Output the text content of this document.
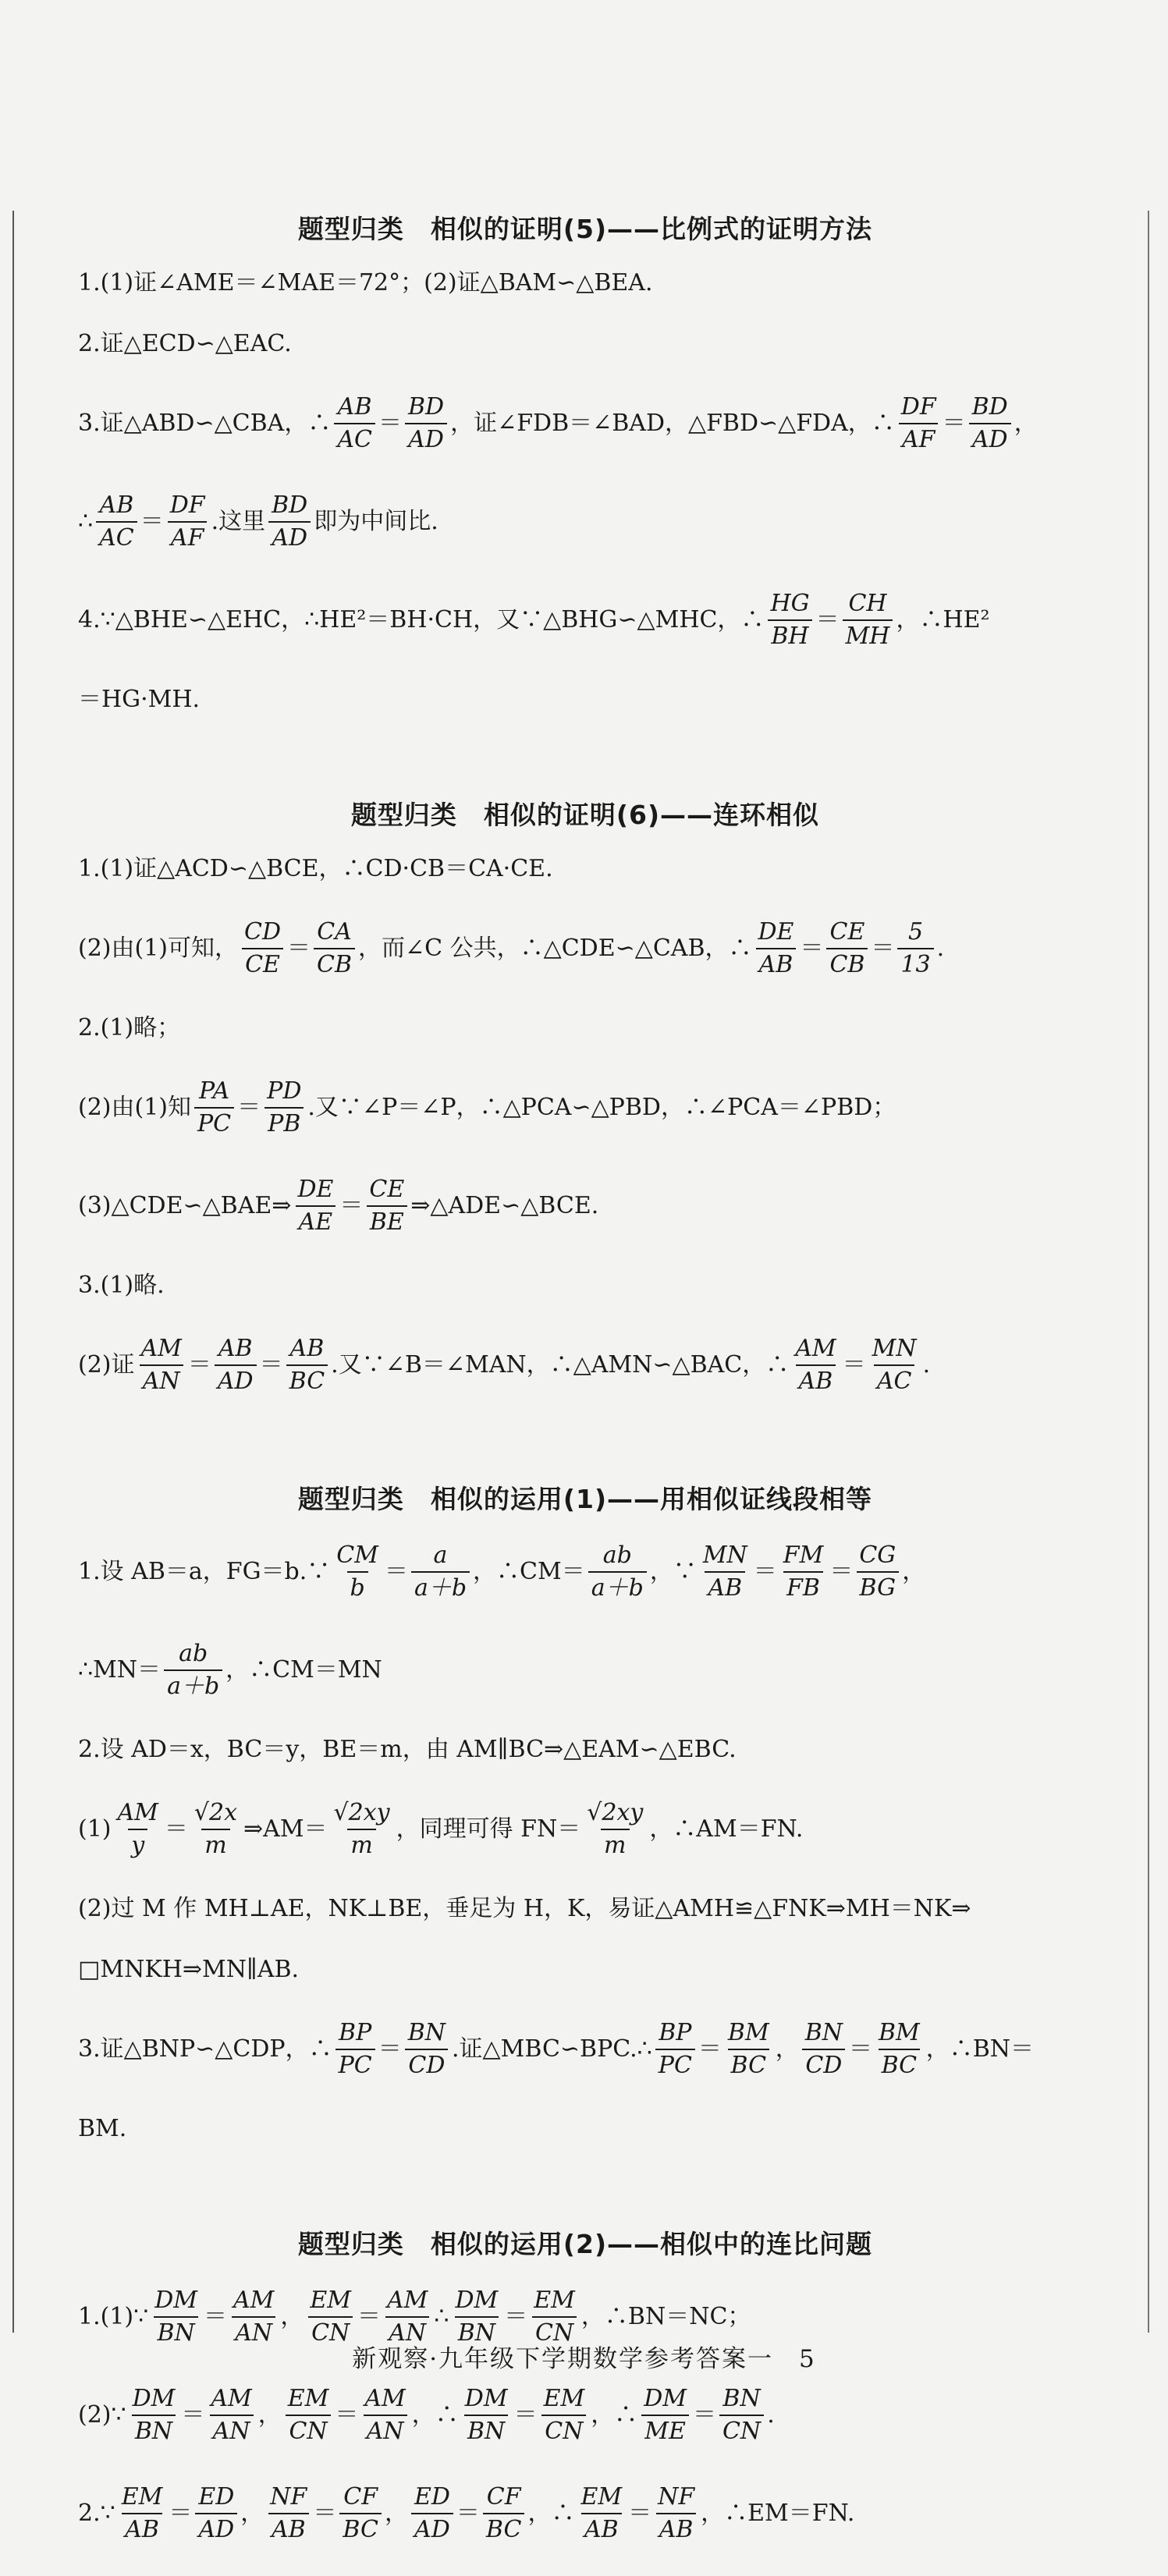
题型归类　相似的证明(5)——比例式的证明方法
1.(1)证∠AME＝∠MAE＝72°；(2)证△BAM∽△BEA.
2.证△ECD∽△EAC.
3.证△ABD∽△CBA，∴ $\frac{AB}{AC} = \frac{BD}{AD}$ ，证∠FDB＝∠BAD，△FBD∽△FDA，∴ $\frac{DF}{AF} = \frac{BD}{AD}$ ，
∴ $\frac{AB}{AC} = \frac{DF}{AF}$ .这里 $\frac{BD}{AD}$ 即为中间比.
4.∵△BHE∽△EHC，∴HE²＝BH·CH，又∵△BHG∽△MHC，∴ $\frac{HG}{BH} = \frac{CH}{MH}$ ，∴HE²
＝HG·MH.
题型归类　相似的证明(6)——连环相似
1.(1)证△ACD∽△BCE，∴CD·CB＝CA·CE.
(2)由(1)可知， $\frac{CD}{CE} = \frac{CA}{CB}$ ，而∠C 公共，∴△CDE∽△CAB，∴ $\frac{DE}{AB} = \frac{CE}{CB} = \frac{5}{13}$ .
2.(1)略；
(2)由(1)知 $\frac{PA}{PC} = \frac{PD}{PB}$ .又∵∠P＝∠P，∴△PCA∽△PBD，∴∠PCA＝∠PBD；
(3)△CDE∽△BAE⇒ $\frac{DE}{AE} = \frac{CE}{BE}$ ⇒△ADE∽△BCE.
3.(1)略.
(2)证 $\frac{AM}{AN} = \frac{AB}{AD} = \frac{AB}{BC}$ .又∵∠B＝∠MAN，∴△AMN∽△BAC，∴ $\frac{AM}{AB} = \frac{MN}{AC}$ .
题型归类　相似的运用(1)——用相似证线段相等
1.设 AB＝a，FG＝b.∵ $\frac{CM}{b} = \frac{a}{a+b}$ ，∴CM＝ $\frac{ab}{a+b}$ ，∵ $\frac{MN}{AB} = \frac{FM}{FB} = \frac{CG}{BG}$ ，
∴MN＝ $\frac{ab}{a+b}$ ，∴CM＝MN
2.设 AD＝x，BC＝y，BE＝m，由 AM∥BC⇒△EAM∽△EBC.
$(1) \frac{AM}{y} = \frac{√2x}{m}$ ⇒AM＝ $\frac{√2xy}{m}$ ，同理可得 $FN= \frac{√2xy}{m}$ ，∴AM＝FN.
(2)过 M 作 MH⊥AE，NK⊥BE，垂足为 H，K，易证△AMH≌△FNK⇒MH＝NK⇒
□MNKH⇒MN∥AB.
3.证△BNP∽△CDP，∴ $\frac{BP}{PC} = \frac{BN}{CD}$ .证△MBC∽BPC.∴ $\frac{BP}{PC} = \frac{BM}{BC}$ ， $\frac{BN}{CD} = \frac{BM}{BC}$ ，∴BN＝
BM.
题型归类　相似的运用(2)——相似中的连比问题
1.(1)∵ $\frac{DM}{BN} = \frac{AM}{AN}$ ， $\frac{EM}{CN} = \frac{AM}{AN}$ ∴ $\frac{DM}{BN} = \frac{EM}{CN}$ ，∴BN＝NC；
(2)∵ $\frac{DM}{BN} = \frac{AM}{AN}$ ， $\frac{EM}{CN} = \frac{AM}{AN}$ ，∴ $\frac{DM}{BN} = \frac{EM}{CN}$ ，∴ $\frac{DM}{ME} = \frac{BN}{CN}$ .
2.∵ $\frac{EM}{AB} = \frac{ED}{AD}$ ， $\frac{NF}{AB} = \frac{CF}{BC}$ ， $\frac{ED}{AD} = \frac{CF}{BC}$ ，∴ $\frac{EM}{AB} = \frac{NF}{AB}$ ，∴EM＝FN.
新观察·九年级下学期数学参考答案一　5
